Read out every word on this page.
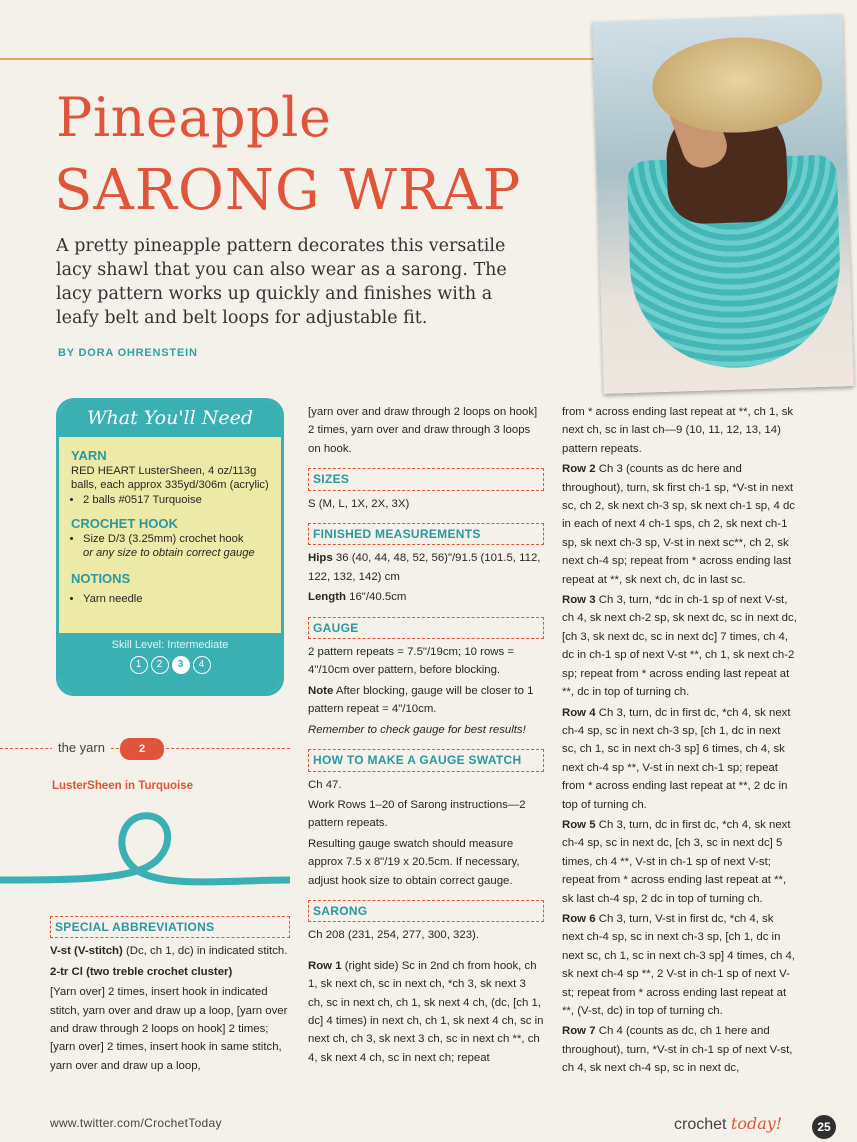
Pineapple
SARONG WRAP

A pretty pineapple pattern decorates this versatile lacy shawl that you can also wear as a sarong. The lacy pattern works up quickly and finishes with a leafy belt and belt loops for adjustable fit.

BY DORA OHRENSTEIN
What You'll Need
YARN

RED HEART LusterSheen, 4 oz/113g balls, each approx 335yd/306m (acrylic)

• 2 balls #0517 Turquoise
CROCHET HOOK
• Size D/3 (3.25mm) crochet hook
or any size to obtain correct gauge
NOTIONS
• Yarn needle
Skill Level: Intermediate
1	2	3	4
the yarn	2
LusterSheen in Turquoise
SPECIAL ABBREVIATIONS

V-st (V-stitch) (Dc, ch 1, dc) in indicated stitch.

2-tr Cl (two treble crochet cluster)

[Yarn over] 2 times, insert hook in indicated stitch, yarn over and draw up a loop, [yarn over and draw through 2 loops on hook] 2 times; [yarn over] 2 times, insert hook in same stitch, yarn over and draw up a loop,

[yarn over and draw through 2 loops on hook] 2 times, yarn over and draw through 3 loops on hook.

SIZES

S (M, L, 1X, 2X, 3X)

FINISHED MEASUREMENTS

Hips 36 (40, 44, 48, 52, 56)"/91.5 (101.5, 112, 122, 132, 142) cm

Length 16"/40.5cm

GAUGE

2 pattern repeats = 7.5"/19cm; 10 rows = 4"/10cm over pattern, before blocking.

Note After blocking, gauge will be closer to 1 pattern repeat = 4"/10cm.

Remember to check gauge for best results!

HOW TO MAKE A GAUGE SWATCH

Ch 47.

Work Rows 1–20 of Sarong instructions—2 pattern repeats.

Resulting gauge swatch should measure approx 7.5 x 8"/19 x 20.5cm. If necessary, adjust hook size to obtain correct gauge.

SARONG

Ch 208 (231, 254, 277, 300, 323).

Row 1 (right side) Sc in 2nd ch from hook, ch 1, sk next ch, sc in next ch, *ch 3, sk next 3 ch, sc in next ch, ch 1, sk next 4 ch, (dc, [ch 1, dc] 4 times) in next ch, ch 1, sk next 4 ch, sc in next ch, ch 3, sk next 3 ch, sc in next ch **, ch 4, sk next 4 ch, sc in next ch; repeat

from * across ending last repeat at **, ch 1, sk next ch, sc in last ch—9 (10, 11, 12, 13, 14) pattern repeats.

Row 2 Ch 3 (counts as dc here and throughout), turn, sk first ch-1 sp, *V-st in next sc, ch 2, sk next ch-3 sp, sk next ch-1 sp, 4 dc in each of next 4 ch-1 sps, ch 2, sk next ch-1 sp, sk next ch-3 sp, V-st in next sc**, ch 2, sk next ch-4 sp; repeat from * across ending last repeat at **, sk next ch, dc in last sc.

Row 3 Ch 3, turn, *dc in ch-1 sp of next V-st, ch 4, sk next ch-2 sp, sk next dc, sc in next dc, [ch 3, sk next dc, sc in next dc] 7 times, ch 4, dc in ch-1 sp of next V-st **, ch 1, sk next ch-2 sp; repeat from * across ending last repeat at **, dc in top of turning ch.

Row 4 Ch 3, turn, dc in first dc, *ch 4, sk next ch-4 sp, sc in next ch-3 sp, [ch 1, dc in next sc, ch 1, sc in next ch-3 sp] 6 times, ch 4, sk next ch-4 sp **, V-st in next ch-1 sp; repeat from * across ending last repeat at **, 2 dc in top of turning ch.

Row 5 Ch 3, turn, dc in first dc, *ch 4, sk next ch-4 sp, sc in next dc, [ch 3, sc in next dc] 5 times, ch 4 **, V-st in ch-1 sp of next V-st; repeat from * across ending last repeat at **, sk last ch-4 sp, 2 dc in top of turning ch.

Row 6 Ch 3, turn, V-st in first dc, *ch 4, sk next ch-4 sp, sc in next ch-3 sp, [ch 1, dc in next sc, ch 1, sc in next ch-3 sp] 4 times, ch 4, sk next ch-4 sp **, 2 V-st in ch-1 sp of next V-st; repeat from * across ending last repeat at **, (V-st, dc) in top of turning ch.

Row 7 Ch 4 (counts as dc, ch 1 here and throughout), turn, *V-st in ch-1 sp of next V-st, ch 4, sk next ch-4 sp, sc in next dc,

www.twitter.com/CrochetToday	crochet today!	25
